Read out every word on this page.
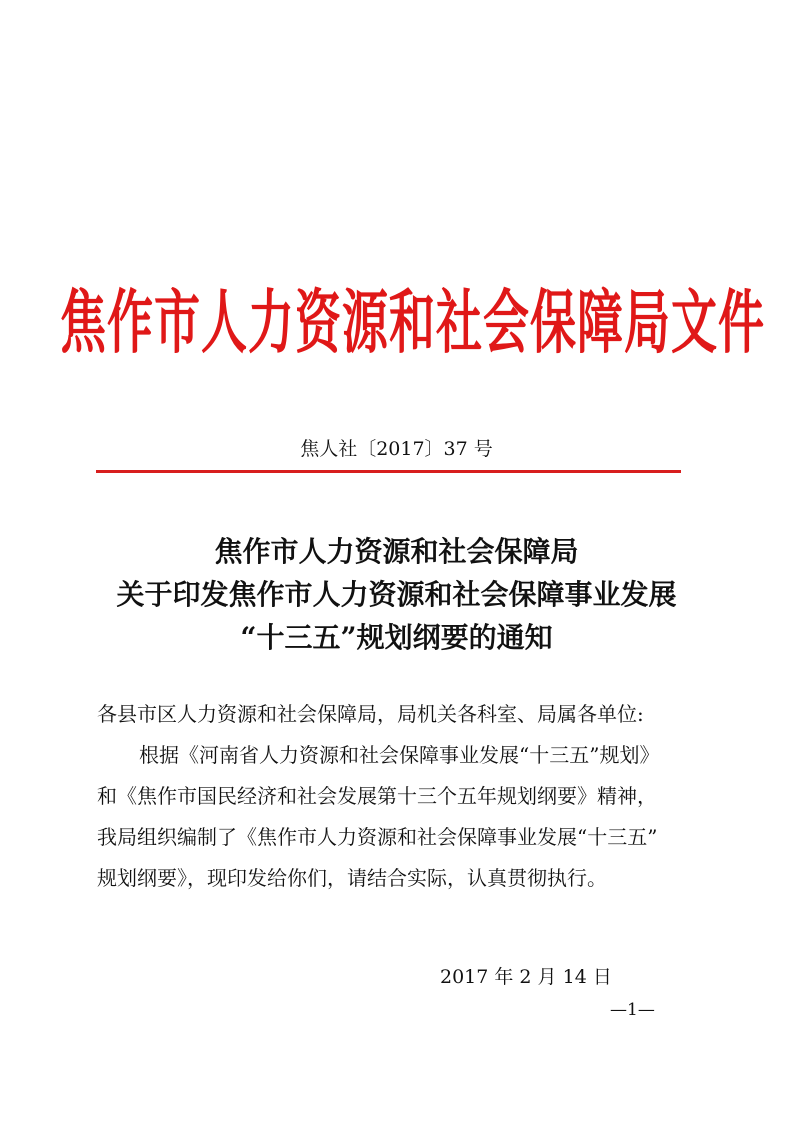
焦作市人力资源和社会保障局文件
焦人社〔2017〕37 号
焦作市人力资源和社会保障局
关于印发焦作市人力资源和社会保障事业发展
“十三五”规划纲要的通知
各县市区人力资源和社会保障局，局机关各科室、局属各单位:
根据《河南省人力资源和社会保障事业发展“十三五”规划》
和《焦作市国民经济和社会发展第十三个五年规划纲要》精神，
我局组织编制了《焦作市人力资源和社会保障事业发展“十三五”
规划纲要》，现印发给你们，请结合实际，认真贯彻执行。
2017 年 2 月 14 日
—1—
